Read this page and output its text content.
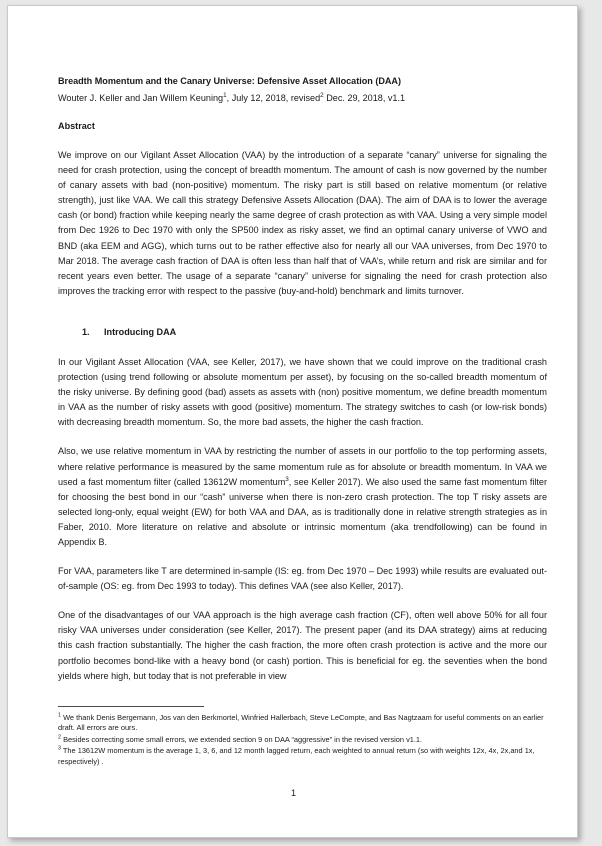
Breadth Momentum and the Canary Universe: Defensive Asset Allocation (DAA)
Wouter J. Keller and Jan Willem Keuning$^1$, July 12, 2018, revised$^2$ Dec. 29, 2018, v1.1
Abstract

We improve on our Vigilant Asset Allocation (VAA) by the introduction of a separate “canary” universe for signaling the need for crash protection, using the concept of breadth momentum. The amount of cash is now governed by the number of canary assets with bad (non-positive) momentum. The risky part is still based on relative momentum (or relative strength), just like VAA. We call this strategy Defensive Assets Allocation (DAA). The aim of DAA is to lower the average cash (or bond) fraction while keeping nearly the same degree of crash protection as with VAA. Using a very simple model from Dec 1926 to Dec 1970 with only the SP500 index as risky asset, we find an optimal canary universe of VWO and BND (aka EEM and AGG), which turns out to be rather effective also for nearly all our VAA universes, from Dec 1970 to Mar 2018. The average cash fraction of DAA is often less than half that of VAA’s, while return and risk are similar and for recent years even better. The usage of a separate “canary” universe for signaling the need for crash protection also improves the tracking error with respect to the passive (buy-and-hold) benchmark and limits turnover.

1.	Introducing DAA

In our Vigilant Asset Allocation (VAA, see Keller, 2017), we have shown that we could improve on the traditional crash protection (using trend following or absolute momentum per asset), by focusing on the so-called breadth momentum of the risky universe. By defining good (bad) assets as assets with (non) positive momentum, we define breadth momentum in VAA as the number of risky assets with good (positive) momentum. The strategy switches to cash (or low-risk bonds) with decreasing breadth momentum. So, the more bad assets, the higher the cash fraction.

Also, we use relative momentum in VAA by restricting the number of assets in our portfolio to the top performing assets, where relative performance is measured by the same momentum rule as for absolute or breadth momentum. In VAA we used a fast momentum filter (called 13612W momentum$^3$, see Keller 2017). We also used the same fast momentum filter for choosing the best bond in our “cash” universe when there is non-zero crash protection. The top T risky assets are selected long-only, equal weight (EW) for both VAA and DAA, as is traditionally done in relative strength strategies as in Faber, 2010. More literature on relative and absolute or intrinsic momentum (aka trendfollowing) can be found in Appendix B.

For VAA, parameters like T are determined in-sample (IS: eg. from Dec 1970 – Dec 1993) while results are evaluated out-of-sample (OS: eg. from Dec 1993 to today). This defines VAA (see also Keller, 2017).

One of the disadvantages of our VAA approach is the high average cash fraction (CF), often well above 50% for all four risky VAA universes under consideration (see Keller, 2017). The present paper (and its DAA strategy) aims at reducing this cash fraction substantially. The higher the cash fraction, the more often crash protection is active and the more our portfolio becomes bond-like with a heavy bond (or cash) portion. This is beneficial for eg. the seventies when the bond yields where high, but today that is not preferable in view

$^1$ We thank Denis Bergemann, Jos van den Berkmortel, Winfried Hallerbach, Steve LeCompte, and Bas Nagtzaam for useful comments on an earlier draft. All errors are ours.

$^2$ Besides correcting some small errors, we extended section 9 on DAA “aggressive” in the revised version v1.1.

$^3$ The 13612W momentum is the average 1, 3, 6, and 12 month lagged return, each weighted to annual return (so with weights 12x, 4x, 2x,and 1x, respectively) .

1
